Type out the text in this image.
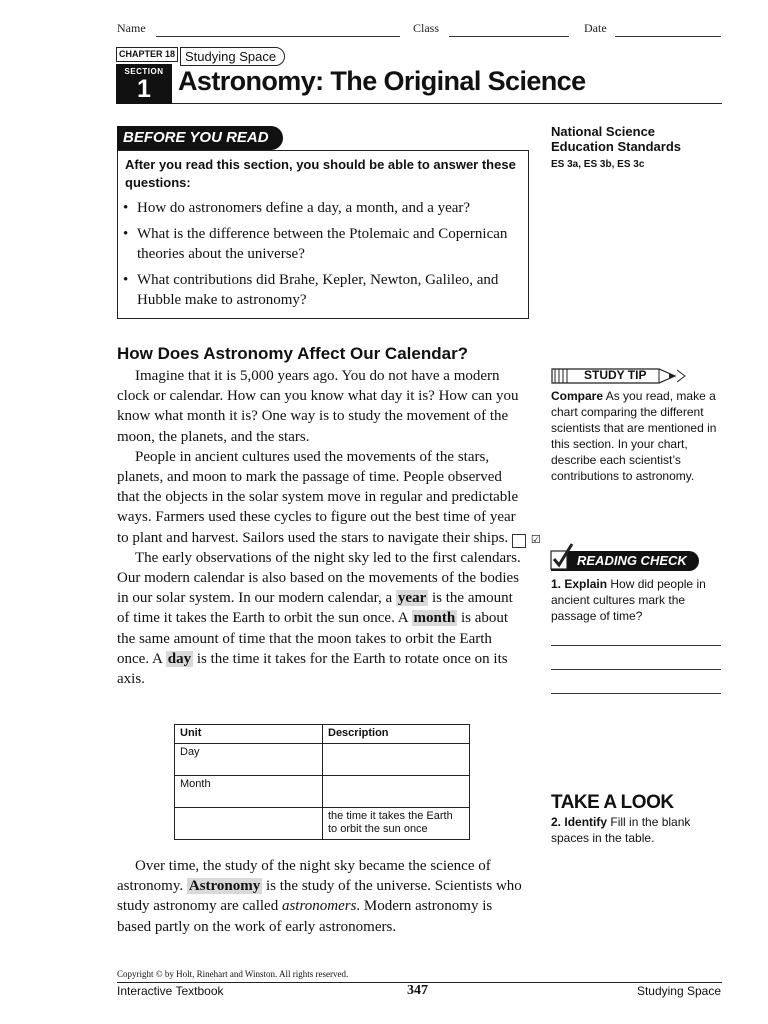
Name	Class	Date
CHAPTER 18 Studying Space
SECTION
1	Astronomy: The Original Science
BEFORE YOU READ
After you read this section, you should be able to answer these questions:
• How do astronomers define a day, a month, and a year?
• What is the difference between the Ptolemaic and Copernican theories about the universe?
• What contributions did Brahe, Kepler, Newton, Galileo, and Hubble make to astronomy?
National Science Education Standards
ES 3a, ES 3b, ES 3c
How Does Astronomy Affect Our Calendar?

Imagine that it is 5,000 years ago. You do not have a modern clock or calendar. How can you know what day it is? How can you know what month it is? One way is to study the movement of the moon, the planets, and the stars.

People in ancient cultures used the movements of the stars, planets, and moon to mark the passage of time. People observed that the objects in the solar system move in regular and predictable ways. Farmers used these cycles to figure out the best time of year to plant and harvest. Sailors used the stars to navigate their ships. ☑

The early observations of the night sky led to the first calendars. Our modern calendar is also based on the movements of the bodies in our solar system. In our modern calendar, a year is the amount of time it takes the Earth to orbit the sun once. A month is about the same amount of time that the moon takes to orbit the Earth once. A day is the time it takes for the Earth to rotate once on its axis.

Unit	Description
Day	
Month	
	the time it takes the Earth to orbit the sun once

Over time, the study of the night sky became the science of astronomy. Astronomy is the study of the universe. Scientists who study astronomy are called astronomers. Modern astronomy is based partly on the work of early astronomers.

STUDY TIP
Compare As you read, make a chart comparing the different scientists that are mentioned in this section. In your chart, describe each scientist’s contributions to astronomy.
READING CHECK
1. Explain How did people in ancient cultures mark the passage of time?
TAKE A LOOK
2. Identify Fill in the blank spaces in the table.
Copyright © by Holt, Rinehart and Winston. All rights reserved.
Interactive Textbook	347	Studying Space
